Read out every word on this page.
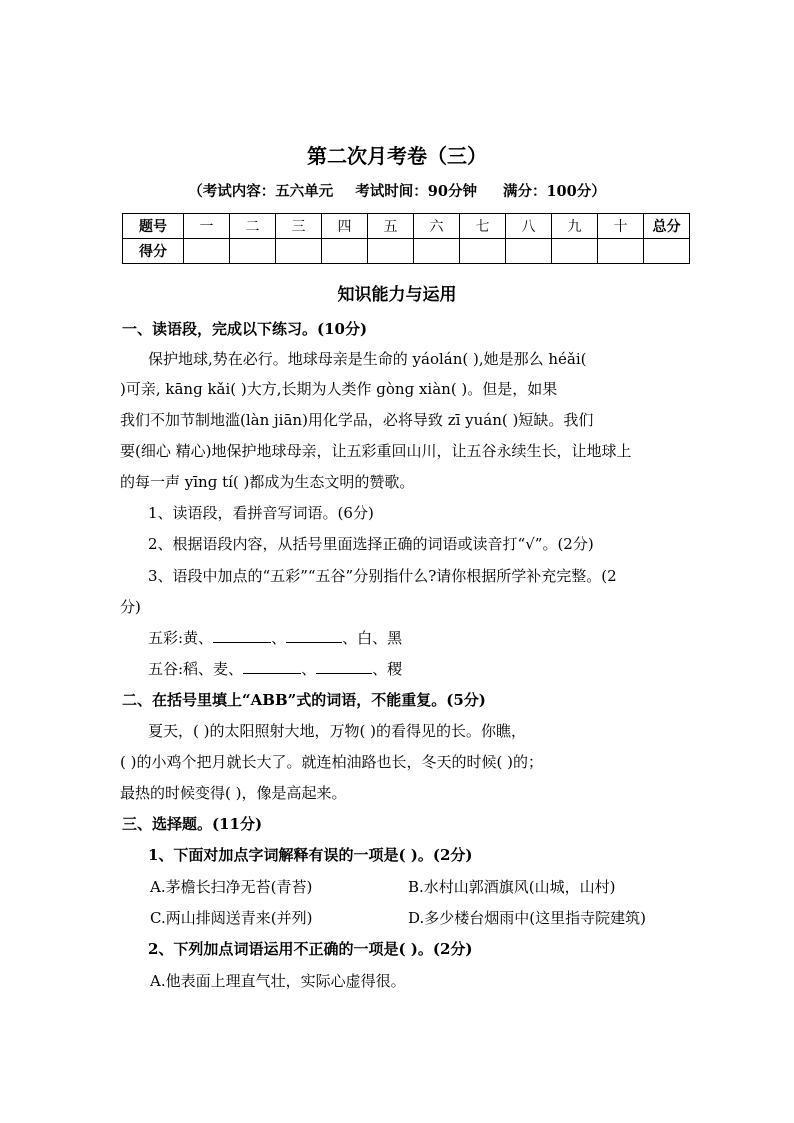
第二次月考卷（三）
（考试内容：五六单元 考试时间：90分钟 满分：100分）
题号	一	二	三	四	五	六	七	八	九	十	总分
得分											
知识能力与运用
一、读语段，完成以下练习。(10分)
保护地球,势在必行。地球母亲是生命的 yáolán( ),她是那么 héǎi(
)可亲, kānɡ kǎi( )大方,长期为人类作 ɡònɡ xiàn( )。但是，如果
我们不加节制地滥(làn jiān)用化学品，必将导致 zī yuán( )短缺。我们
要(细心 精心)地保护地球母亲，让五彩重回山川，让五谷永续生长，让地球上
的每一声 yīnɡ tí( )都成为生态文明的赞歌。
1、读语段，看拼音写词语。(6分)
2、根据语段内容，从括号里面选择正确的词语或读音打“√”。(2分)
3、语段中加点的“五彩”“五谷”分别指什么?请你根据所学补充完整。(2
分)
五彩:黄、	、	、白、黑
五谷:稻、麦、	、	、稷
二、在括号里填上“ABB”式的词语，不能重复。(5分)
夏天，( )的太阳照射大地，万物( )的看得见的长。你瞧，
( )的小鸡个把月就长大了。就连柏油路也长，冬天的时候( )的；
最热的时候变得( )，像是高起来。
三、选择题。(11分)
1、下面对加点字词解释有误的一项是( )。(2分)
A.茅檐长扫净无苔(青苔)	B.水村山郭酒旗风(山城，山村)
C.两山排闼送青来(并列)	D.多少楼台烟雨中(这里指寺院建筑)
2、下列加点词语运用不正确的一项是( )。(2分)
A.他表面上理直气壮，实际心虚得很。
